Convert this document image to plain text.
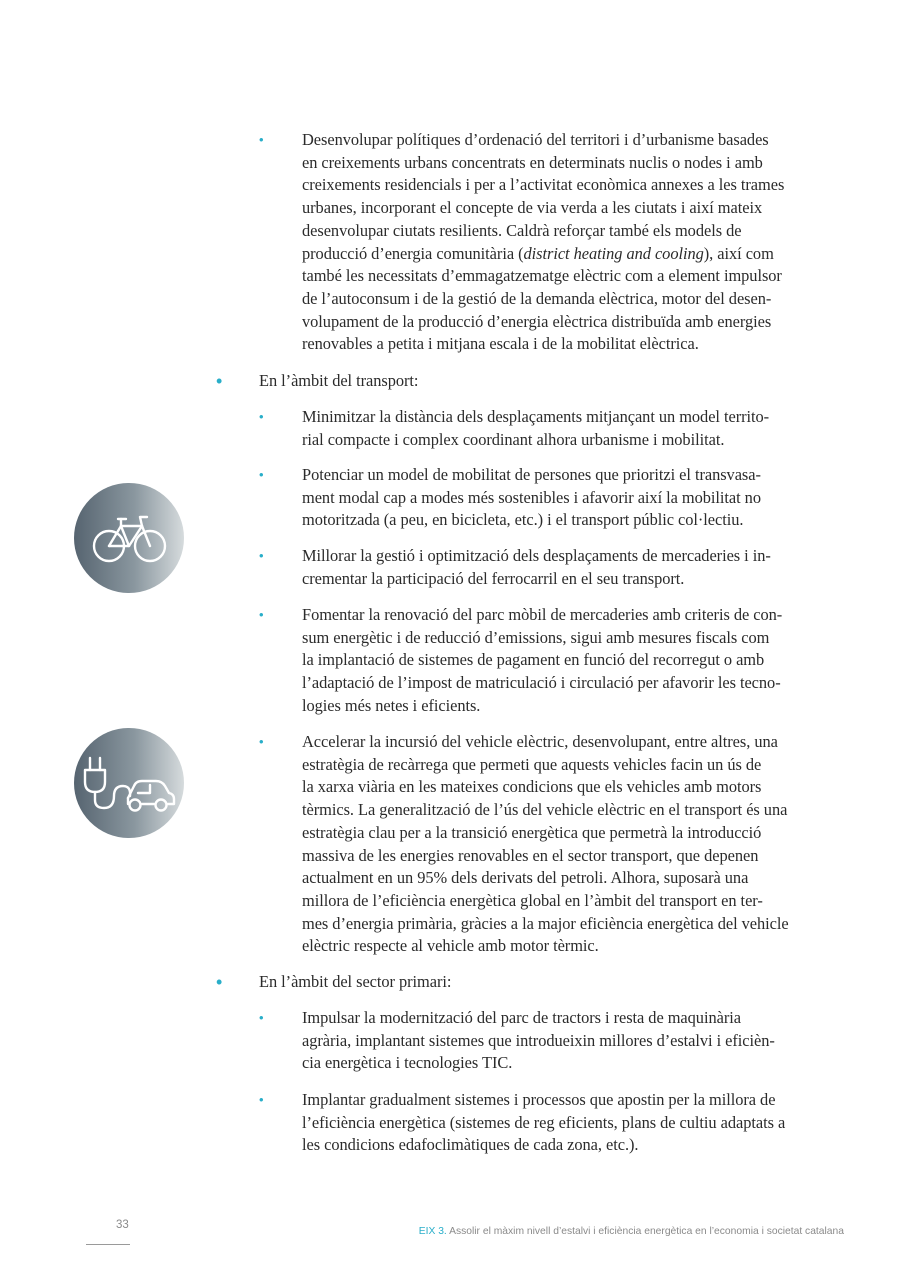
• Desenvolupar polítiques d’ordenació del territori i d’urbanisme basades
en creixements urbans concentrats en determinats nuclis o nodes i amb
creixements residencials i per a l’activitat econòmica annexes a les trames
urbanes, incorporant el concepte de via verda a les ciutats i així mateix
desenvolupar ciutats resilients. Caldrà reforçar també els models de
producció d’energia comunitària (district heating and cooling), així com
també les necessitats d’emmagatzematge elèctric com a element impulsor
de l’autoconsum i de la gestió de la demanda elèctrica, motor del desen-
volupament de la producció d’energia elèctrica distribuïda amb energies
renovables a petita i mitjana escala i de la mobilitat elèctrica.
• En l’àmbit del transport:
• Minimitzar la distància dels desplaçaments mitjançant un model territo-
rial compacte i complex coordinant alhora urbanisme i mobilitat.
• Potenciar un model de mobilitat de persones que prioritzi el transvasa-
ment modal cap a modes més sostenibles i afavorir així la mobilitat no
motoritzada (a peu, en bicicleta, etc.) i el transport públic col·lectiu.
• Millorar la gestió i optimització dels desplaçaments de mercaderies i in-
crementar la participació del ferrocarril en el seu transport.
• Fomentar la renovació del parc mòbil de mercaderies amb criteris de con-
sum energètic i de reducció d’emissions, sigui amb mesures fiscals com
la implantació de sistemes de pagament en funció del recorregut o amb
l’adaptació de l’impost de matriculació i circulació per afavorir les tecno-
logies més netes i eficients.
• Accelerar la incursió del vehicle elèctric, desenvolupant, entre altres, una
estratègia de recàrrega que permeti que aquests vehicles facin un ús de
la xarxa viària en les mateixes condicions que els vehicles amb motors
tèrmics. La generalització de l’ús del vehicle elèctric en el transport és una
estratègia clau per a la transició energètica que permetrà la introducció
massiva de les energies renovables en el sector transport, que depenen
actualment en un 95% dels derivats del petroli. Alhora, suposarà una
millora de l’eficiència energètica global en l’àmbit del transport en ter-
mes d’energia primària, gràcies a la major eficiència energètica del vehicle
elèctric respecte al vehicle amb motor tèrmic.
• En l’àmbit del sector primari:
• Impulsar la modernització del parc de tractors i resta de maquinària
agrària, implantant sistemes que introdueixin millores d’estalvi i eficièn-
cia energètica i tecnologies TIC.
• Implantar gradualment sistemes i processos que apostin per la millora de
l’eficiència energètica (sistemes de reg eficients, plans de cultiu adaptats a
les condicions edafoclimàtiques de cada zona, etc.).
33
EIX 3. Assolir el màxim nivell d’estalvi i eficiència energètica en l’economia i societat catalana
